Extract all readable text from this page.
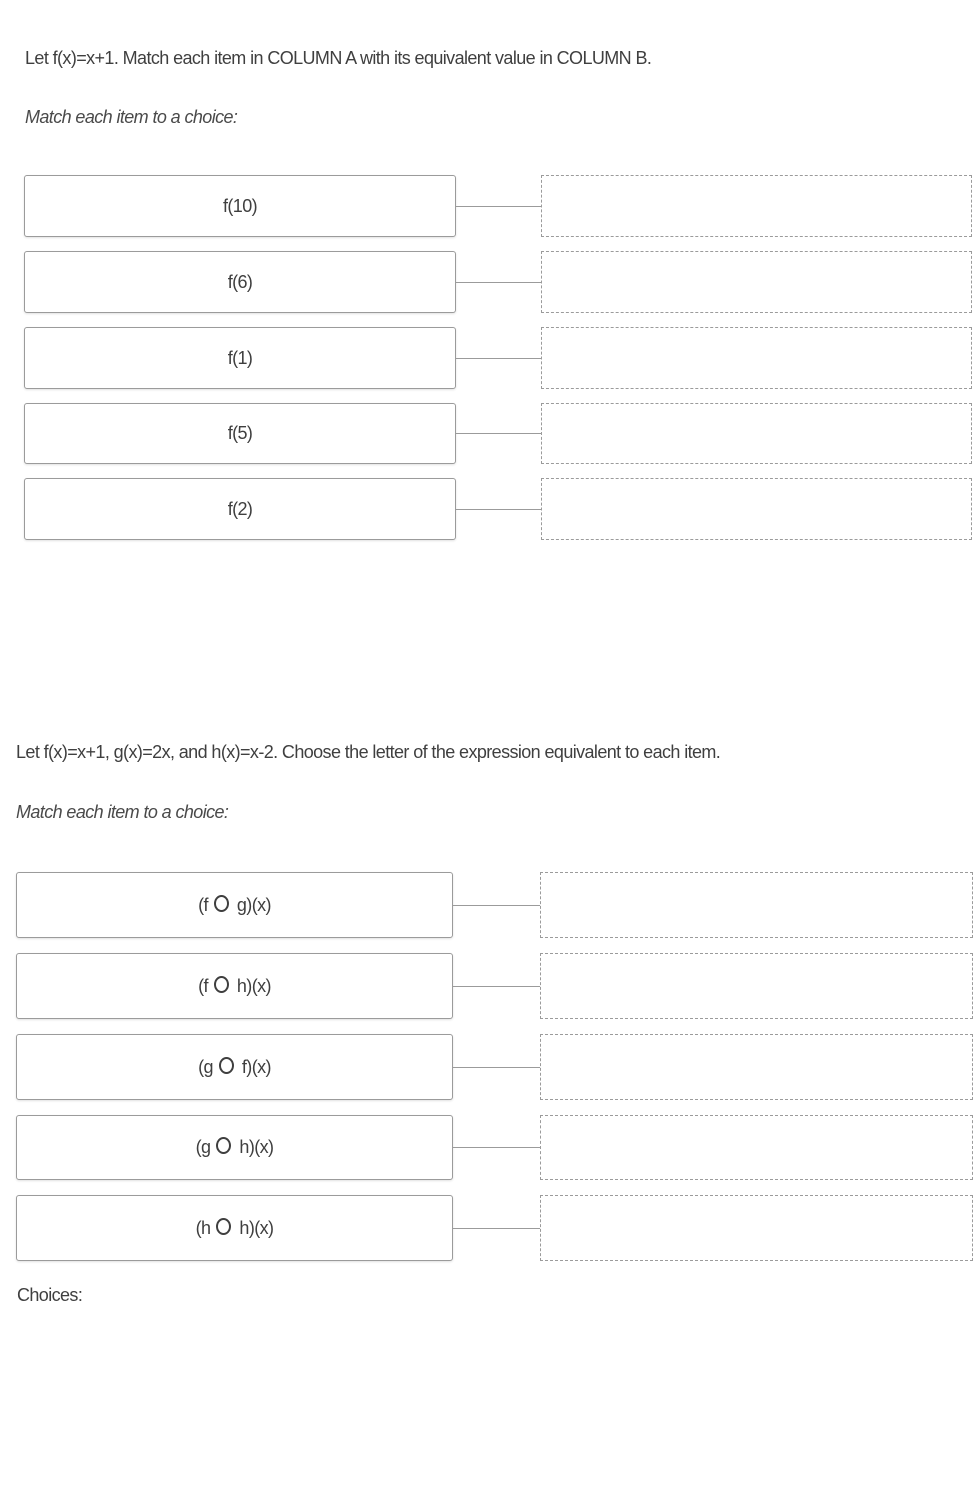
Let f(x)=x+1. Match each item in COLUMN A with its equivalent value in COLUMN B.
Match each item to a choice:
f(10)
f(6)
f(1)
f(5)
f(2)
Let f(x)=x+1, g(x)=2x, and h(x)=x-2. Choose the letter of the expression equivalent to each item.
Match each item to a choice:
(f g)(x)
(f h)(x)
(g f)(x)
(g h)(x)
(h h)(x)
Choices:
